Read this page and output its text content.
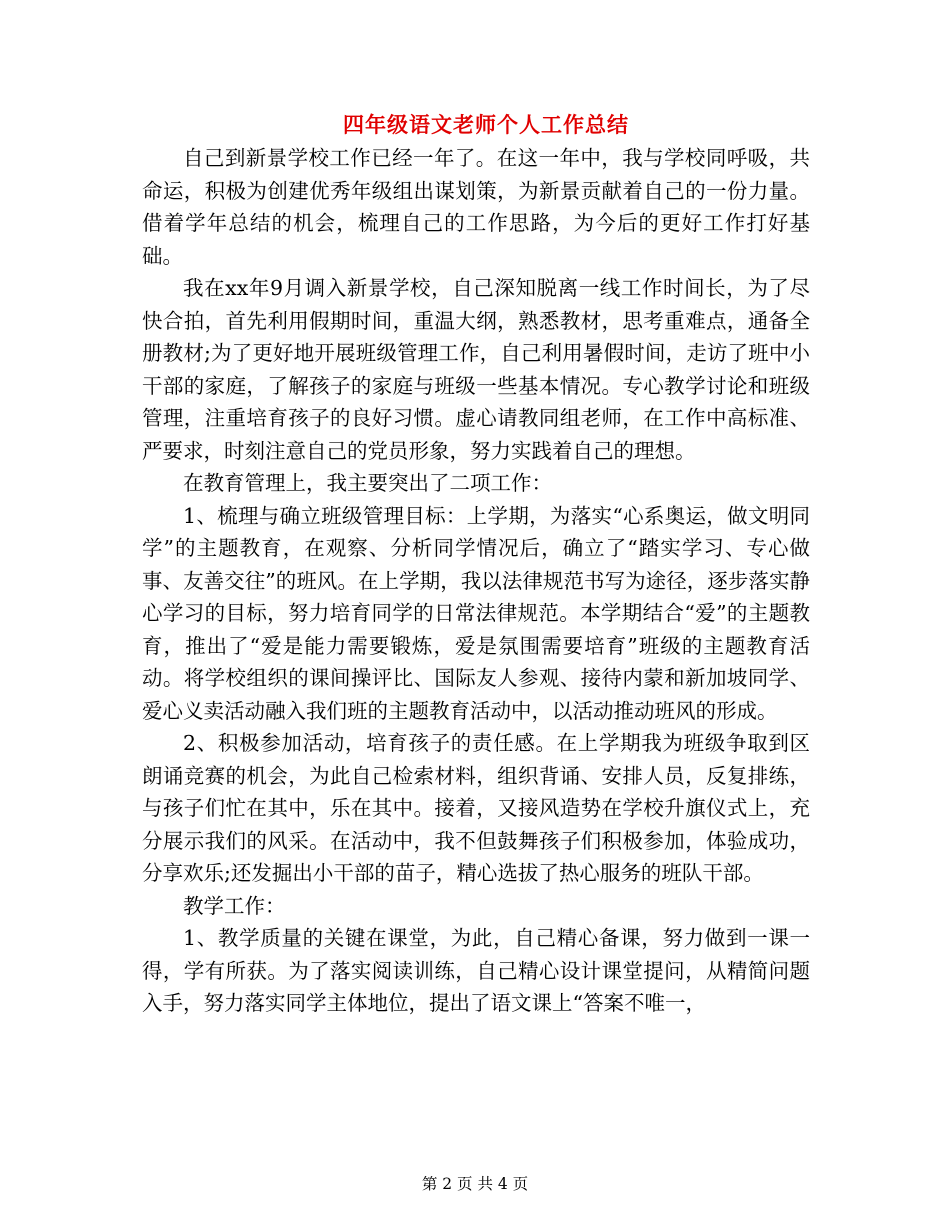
四年级语文老师个人工作总结

自己到新景学校工作已经一年了。在这一年中，我与学校同呼吸，共命运，积极为创建优秀年级组出谋划策，为新景贡献着自己的一份力量。借着学年总结的机会，梳理自己的工作思路，为今后的更好工作打好基础。

我在xx年9月调入新景学校，自己深知脱离一线工作时间长，为了尽快合拍，首先利用假期时间，重温大纲，熟悉教材，思考重难点，通备全册教材;为了更好地开展班级管理工作，自己利用暑假时间，走访了班中小干部的家庭，了解孩子的家庭与班级一些基本情况。专心教学讨论和班级管理，注重培育孩子的良好习惯。虚心请教同组老师，在工作中高标准、严要求，时刻注意自己的党员形象，努力实践着自己的理想。

在教育管理上，我主要突出了二项工作：

1、梳理与确立班级管理目标：上学期，为落实“心系奥运，做文明同学”的主题教育，在观察、分析同学情况后，确立了“踏实学习、专心做事、友善交往”的班风。在上学期，我以法律规范书写为途径，逐步落实静心学习的目标，努力培育同学的日常法律规范。本学期结合“爱”的主题教育，推出了“爱是能力需要锻炼，爱是氛围需要培育”班级的主题教育活动。将学校组织的课间操评比、国际友人参观、接待内蒙和新加坡同学、爱心义卖活动融入我们班的主题教育活动中，以活动推动班风的形成。

2、积极参加活动，培育孩子的责任感。在上学期我为班级争取到区朗诵竞赛的机会，为此自己检索材料，组织背诵、安排人员，反复排练，与孩子们忙在其中，乐在其中。接着，又接风造势在学校升旗仪式上，充分展示我们的风采。在活动中，我不但鼓舞孩子们积极参加，体验成功，分享欢乐;还发掘出小干部的苗子，精心选拔了热心服务的班队干部。

教学工作：

1、教学质量的关键在课堂，为此，自己精心备课，努力做到一课一得，学有所获。为了落实阅读训练，自己精心设计课堂提问，从精简问题入手，努力落实同学主体地位，提出了语文课上“答案不唯一，

第 2 页 共 4 页
